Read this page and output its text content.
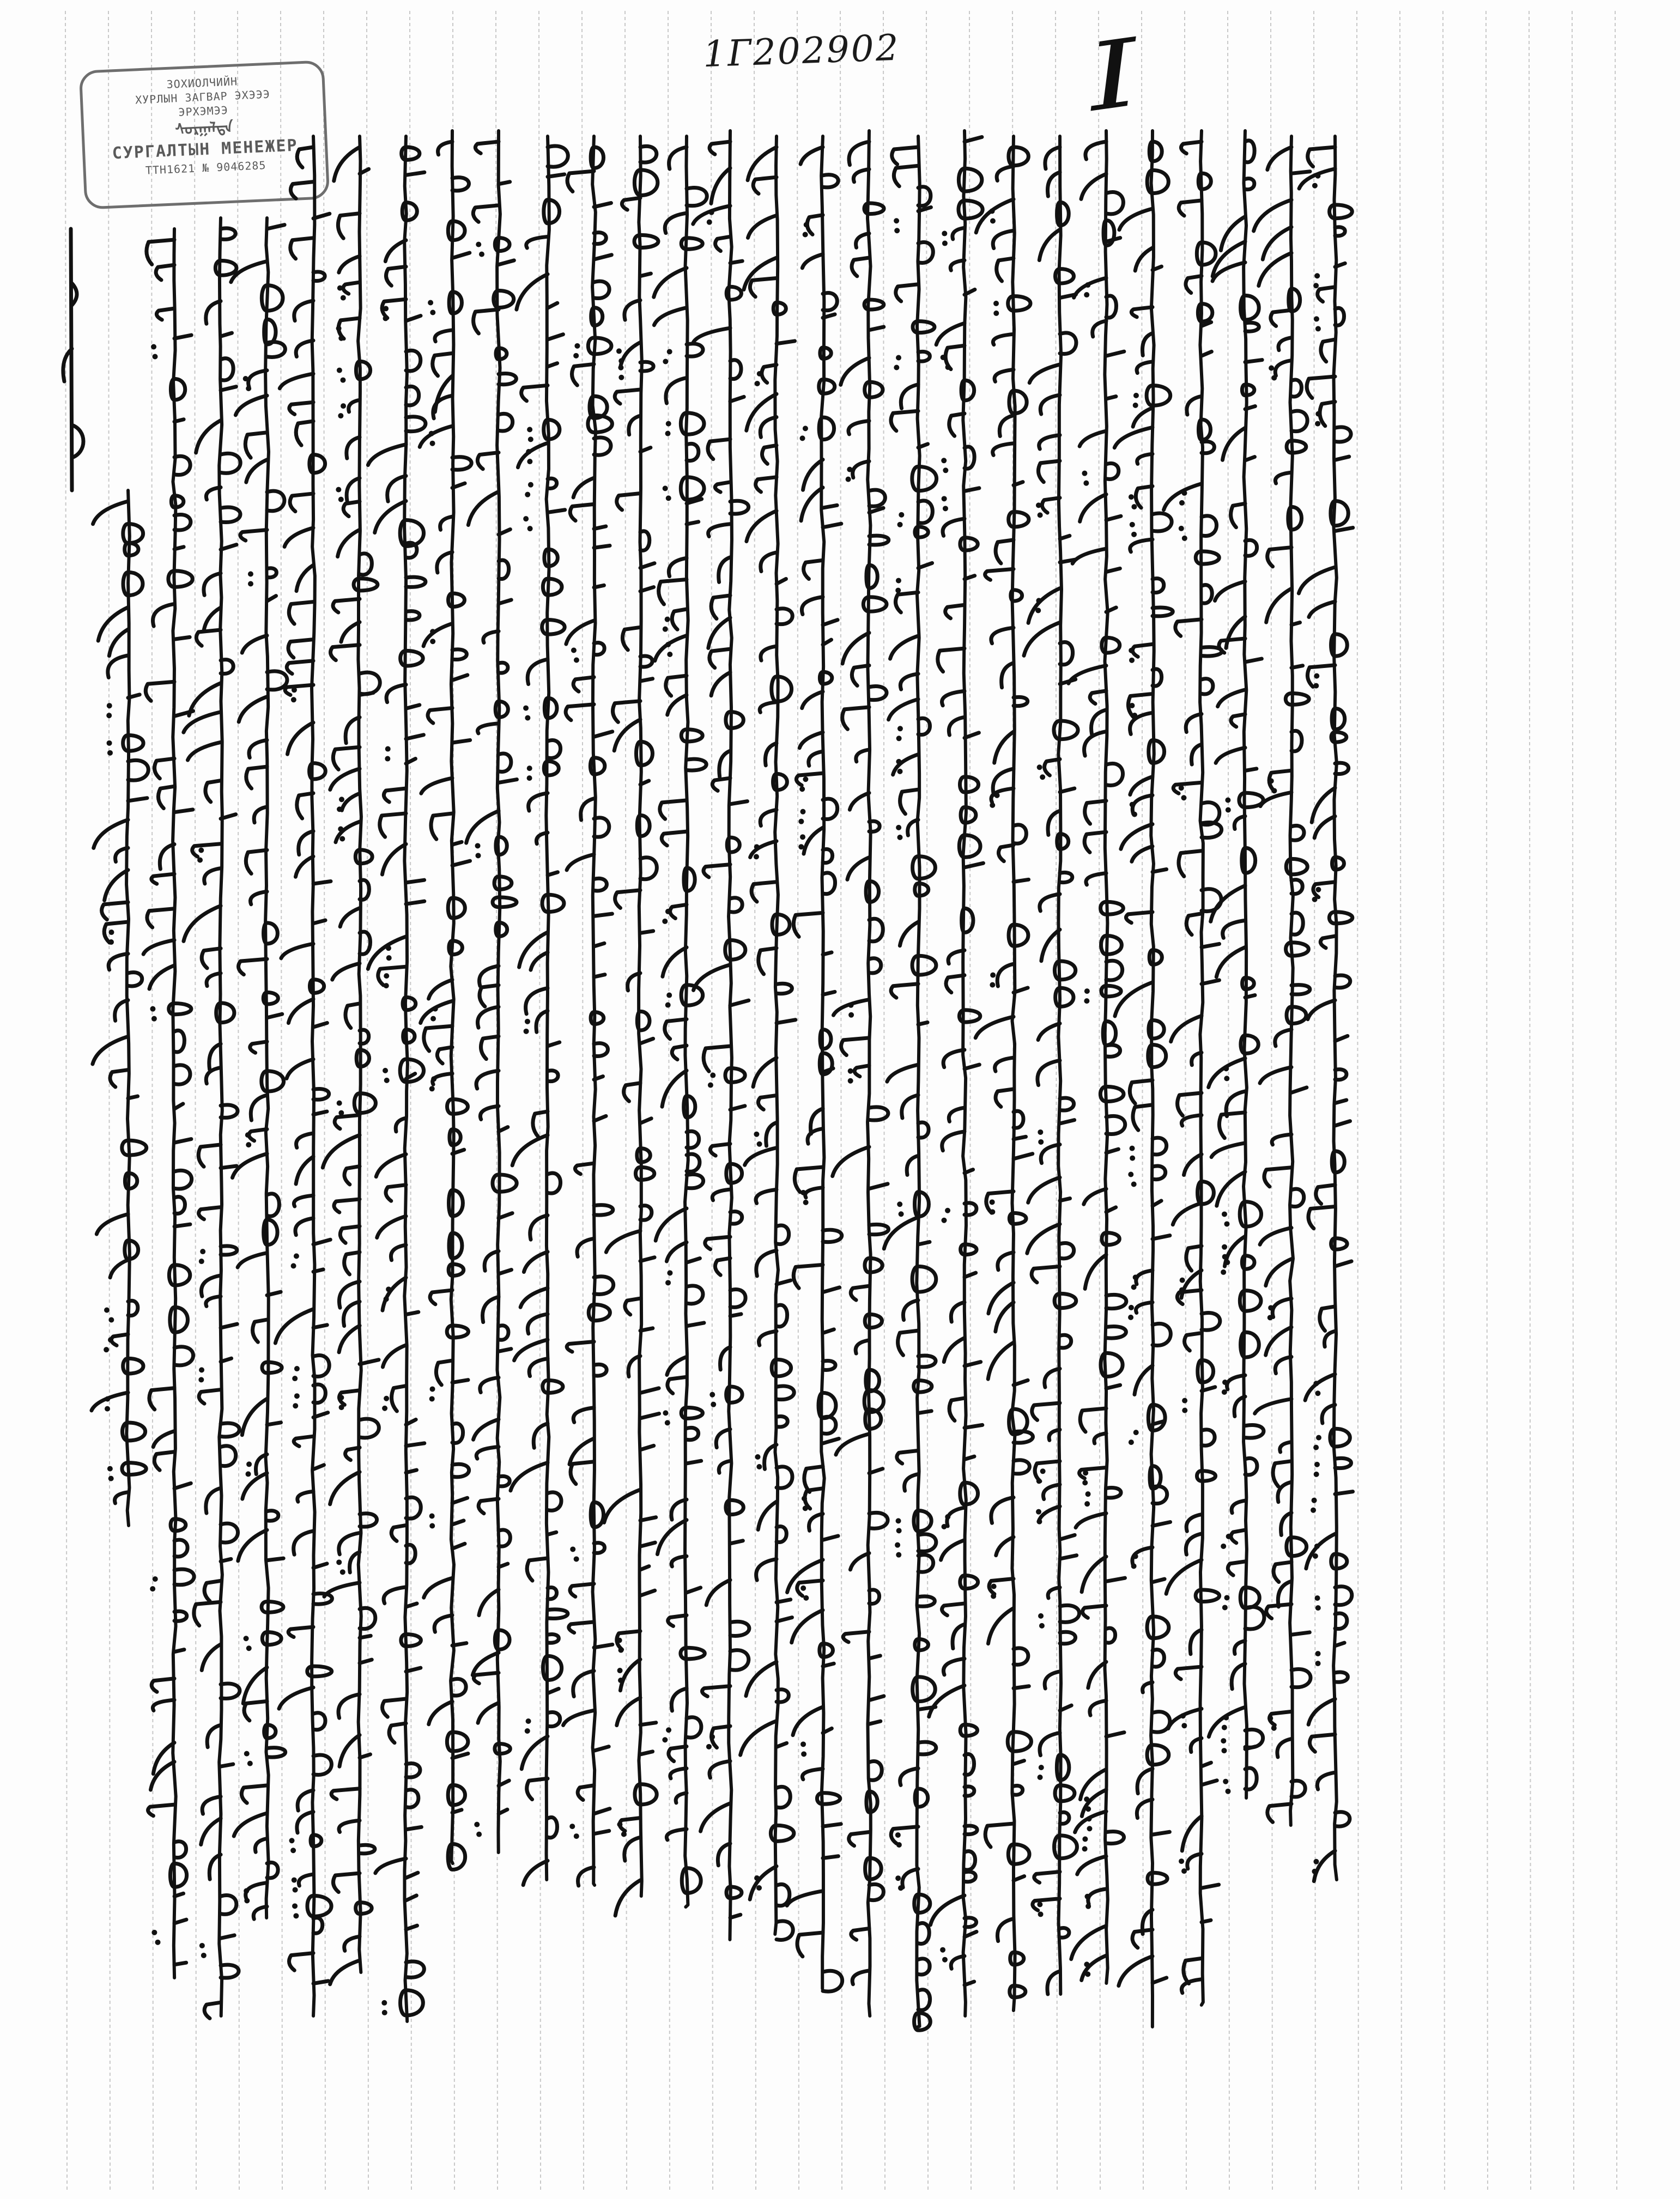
1Г202902 I
ЗОХИОЛЧИЙН
ХУРЛЫН ЗАГВАР ЭХЭЭЭ
ЭРХЭМЭЭ
ᠰᠤᠷᠭᠠᠯᠲᠠ
СУРГАЛТЫН МЕНЕЖЕР
ТТН1621 № 9046285
